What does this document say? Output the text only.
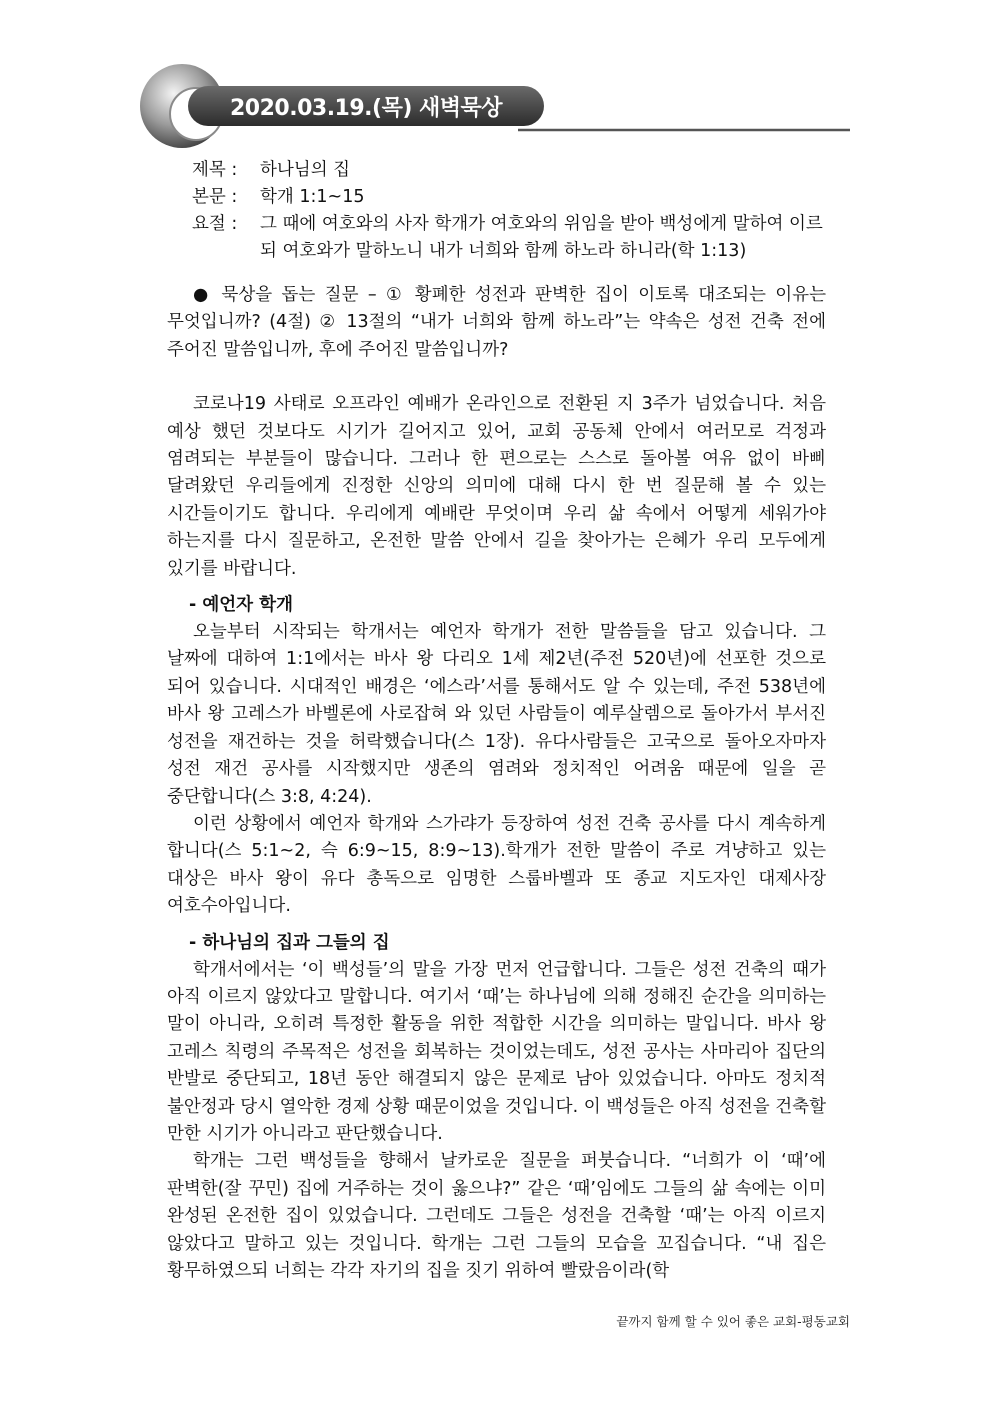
2020.03.19.(목) 새벽묵상
제목 :	하나님의 집
본문 :	학개 1:1~15
요절 :	그 때에 여호와의 사자 학개가 여호와의 위임을 받아 백성에게 말하여 이르되 여호와가 말하노니 내가 너희와 함께 하노라 하니라(학 1:13)

● 묵상을 돕는 질문 – ① 황폐한 성전과 판벽한 집이 이토록 대조되는 이유는 무엇입니까? (4절) ② 13절의 “내가 너희와 함께 하노라”는 약속은 성전 건축 전에 주어진 말씀입니까, 후에 주어진 말씀입니까?

코로나19 사태로 오프라인 예배가 온라인으로 전환된 지 3주가 넘었습니다. 처음 예상 했던 것보다도 시기가 길어지고 있어, 교회 공동체 안에서 여러모로 걱정과 염려되는 부분들이 많습니다. 그러나 한 편으로는 스스로 돌아볼 여유 없이 바삐 달려왔던 우리들에게 진정한 신앙의 의미에 대해 다시 한 번 질문해 볼 수 있는 시간들이기도 합니다. 우리에게 예배란 무엇이며 우리 삶 속에서 어떻게 세워가야 하는지를 다시 질문하고, 온전한 말씀 안에서 길을 찾아가는 은혜가 우리 모두에게 있기를 바랍니다.

- 예언자 학개

오늘부터 시작되는 학개서는 예언자 학개가 전한 말씀들을 담고 있습니다. 그 날짜에 대하여 1:1에서는 바사 왕 다리오 1세 제2년(주전 520년)에 선포한 것으로 되어 있습니다. 시대적인 배경은 ‘에스라’서를 통해서도 알 수 있는데, 주전 538년에 바사 왕 고레스가 바벨론에 사로잡혀 와 있던 사람들이 예루살렘으로 돌아가서 부서진 성전을 재건하는 것을 허락했습니다(스 1장). 유다사람들은 고국으로 돌아오자마자 성전 재건 공사를 시작했지만 생존의 염려와 정치적인 어려움 때문에 일을 곧 중단합니다(스 3:8, 4:24).

이런 상황에서 예언자 학개와 스가랴가 등장하여 성전 건축 공사를 다시 계속하게 합니다(스 5:1~2, 슥 6:9~15, 8:9~13).학개가 전한 말씀이 주로 겨냥하고 있는 대상은 바사 왕이 유다 총독으로 임명한 스룹바벨과 또 종교 지도자인 대제사장 여호수아입니다.

- 하나님의 집과 그들의 집

학개서에서는 ‘이 백성들’의 말을 가장 먼저 언급합니다. 그들은 성전 건축의 때가 아직 이르지 않았다고 말합니다. 여기서 ‘때’는 하나님에 의해 정해진 순간을 의미하는 말이 아니라, 오히려 특정한 활동을 위한 적합한 시간을 의미하는 말입니다. 바사 왕 고레스 칙령의 주목적은 성전을 회복하는 것이었는데도, 성전 공사는 사마리아 집단의 반발로 중단되고, 18년 동안 해결되지 않은 문제로 남아 있었습니다. 아마도 정치적 불안정과 당시 열악한 경제 상황 때문이었을 것입니다. 이 백성들은 아직 성전을 건축할 만한 시기가 아니라고 판단했습니다.

학개는 그런 백성들을 향해서 날카로운 질문을 퍼붓습니다. “너희가 이 ‘때’에 판벽한(잘 꾸민) 집에 거주하는 것이 옳으냐?” 같은 ‘때’임에도 그들의 삶 속에는 이미 완성된 온전한 집이 있었습니다. 그런데도 그들은 성전을 건축할 ‘때’는 아직 이르지 않았다고 말하고 있는 것입니다. 학개는 그런 그들의 모습을 꼬집습니다. “내 집은 황무하였으되 너희는 각각 자기의 집을 짓기 위하여 빨랐음이라(학

끝까지 함께 할 수 있어 좋은 교회-평동교회
